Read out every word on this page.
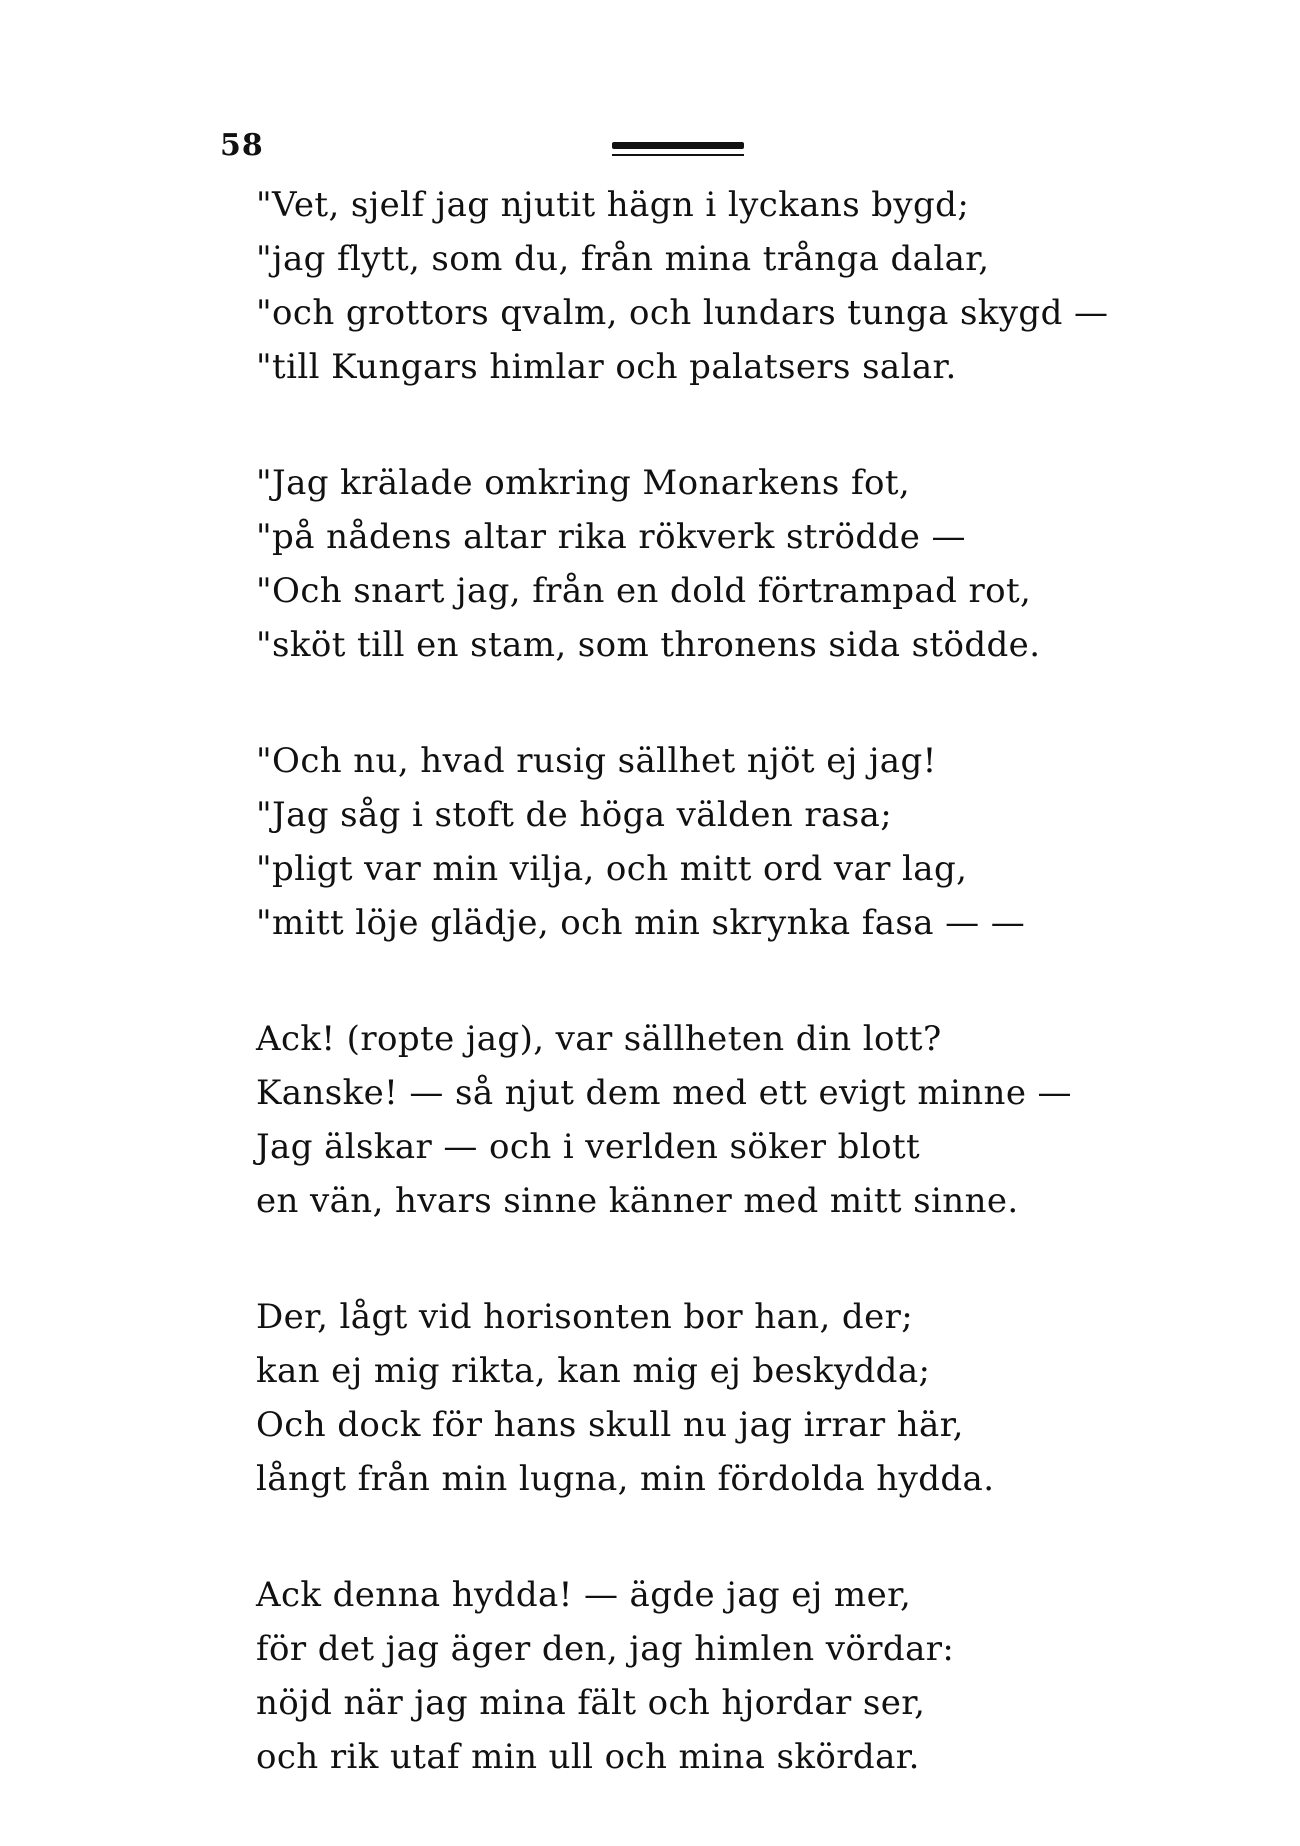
58
"Vet, sjelf jag njutit hägn i lyckans bygd;
"jag flytt, som du, från mina trånga dalar,
"och grottors qvalm, och lundars tunga skygd —
"till Kungars himlar och palatsers salar.
"Jag krälade omkring Monarkens fot,
"på nådens altar rika rökverk strödde —
"Och snart jag, från en dold förtrampad rot,
"sköt till en stam, som thronens sida stödde.
"Och nu, hvad rusig sällhet njöt ej jag!
"Jag såg i stoft de höga välden rasa;
"pligt var min vilja, och mitt ord var lag,
"mitt löje glädje, och min skrynka fasa — —
Ack! (ropte jag), var sällheten din lott?
Kanske! — så njut dem med ett evigt minne —
Jag älskar — och i verlden söker blott
en vän, hvars sinne känner med mitt sinne.
Der, lågt vid horisonten bor han, der;
kan ej mig rikta, kan mig ej beskydda;
Och dock för hans skull nu jag irrar här,
långt från min lugna, min fördolda hydda.
Ack denna hydda! — ägde jag ej mer,
för det jag äger den, jag himlen vördar:
nöjd när jag mina fält och hjordar ser,
och rik utaf min ull och mina skördar.
